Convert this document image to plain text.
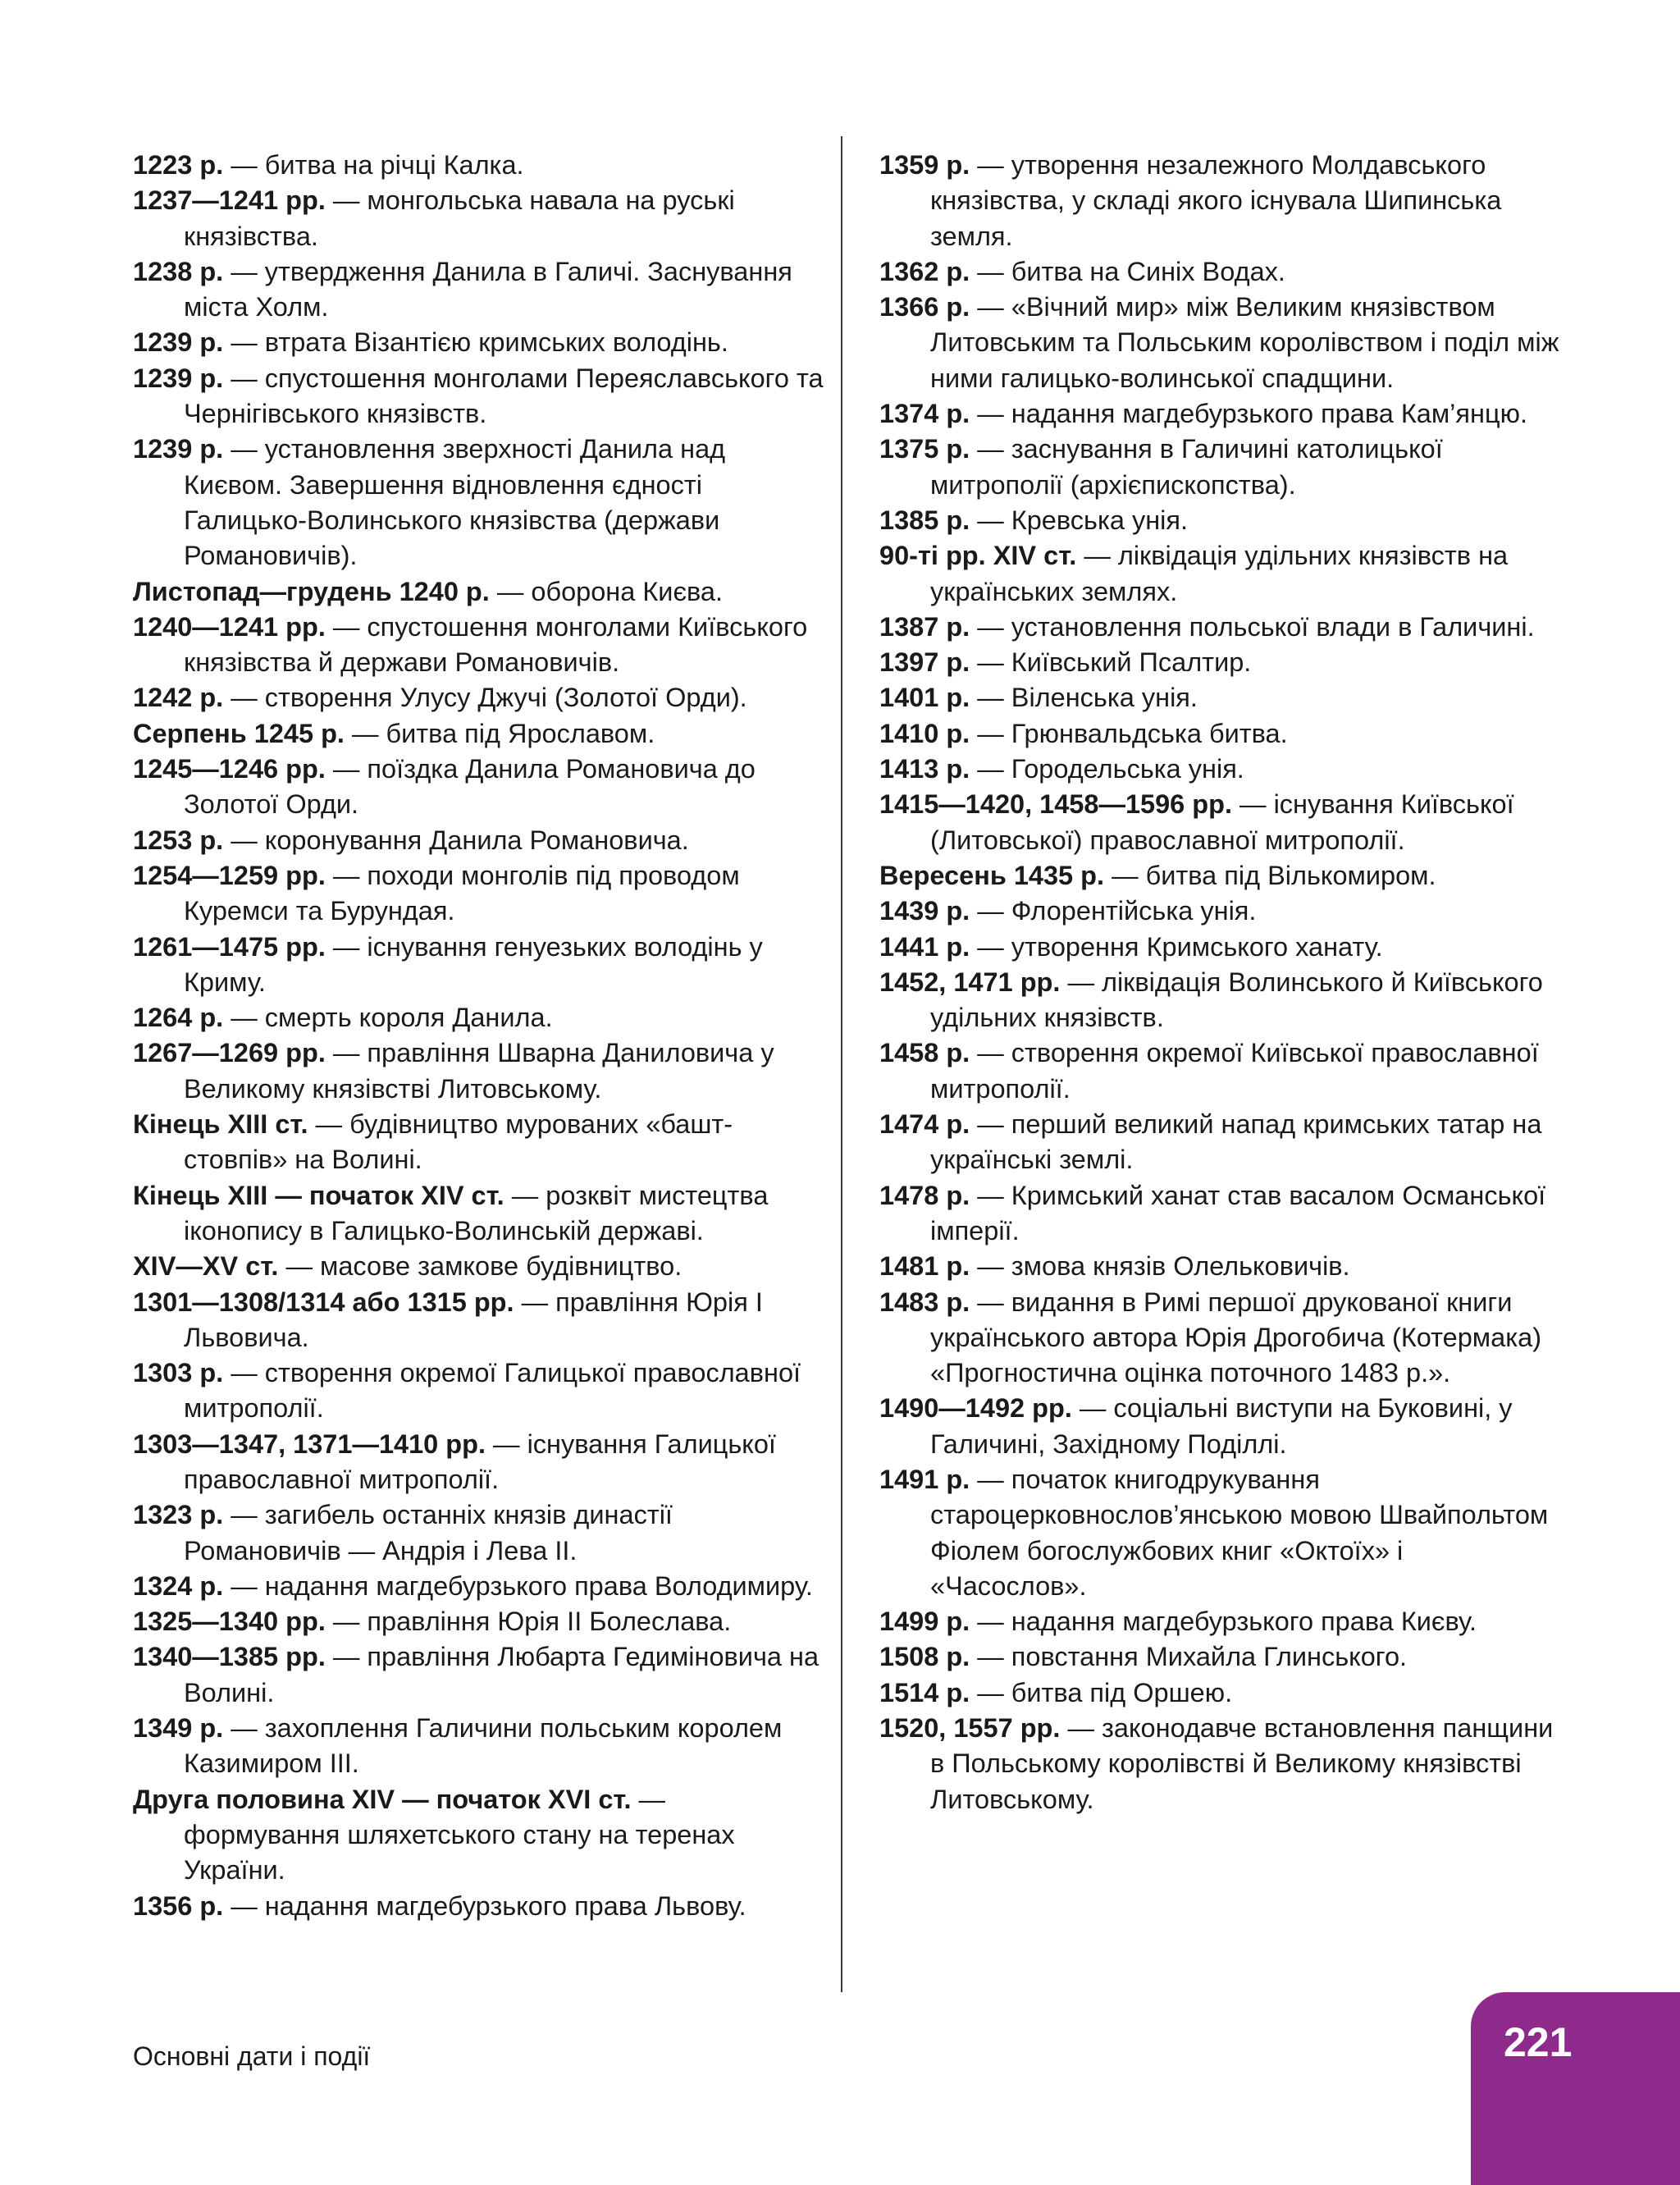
1223 р. — битва на річці Калка.
1237—1241 рр. — монгольська навала на руські князівства.
1238 р. — утвердження Данила в Галичі. Заснування міста Холм.
1239 р. — втрата Візантією кримських володінь.
1239 р. — спустошення монголами Переяславського та Чернігівського князівств.
1239 р. — установлення зверхності Данила над Києвом. Завершення відновлення єдності Галицько-Волинського князівства (держави Романовичів).
Листопад—грудень 1240 р. — оборона Києва.
1240—1241 рр. — спустошення монголами Київського князівства й держави Романовичів.
1242 р. — створення Улусу Джучі (Золотої Орди).
Серпень 1245 р. — битва під Ярославом.
1245—1246 рр. — поїздка Данила Романовича до Золотої Орди.
1253 р. — коронування Данила Романовича.
1254—1259 рр. — походи монголів під проводом Куремси та Бурундая.
1261—1475 рр. — існування генуезьких володінь у Криму.
1264 р. — смерть короля Данила.
1267—1269 рр. — правління Шварна Даниловича у Великому князівстві Литовському.
Кінець XIII ст. — будівництво мурованих «башт-стовпів» на Волині.
Кінець XIII — початок XIV ст. — розквіт мистецтва іконопису в Галицько-Волинській державі.
XIV—XV ст. — масове замкове будівництво.
1301—1308/1314 або 1315 рр. — правління Юрія І Львовича.
1303 р. — створення окремої Галицької православної митрополії.
1303—1347, 1371—1410 рр. — існування Галицької православної митрополії.
1323 р. — загибель останніх князів династії Романовичів — Андрія і Лева II.
1324 р. — надання магдебурзького права Володимиру.
1325—1340 рр. — правління Юрія II Болеслава.
1340—1385 рр. — правління Любарта Гедиміновича на Волині.
1349 р. — захоплення Галичини польським королем Казимиром III.
Друга половина XIV — початок XVI ст. — формування шляхетського стану на теренах України.
1356 р. — надання магдебурзького права Львову.
1359 р. — утворення незалежного Молдавського князівства, у складі якого існувала Шипинська земля.
1362 р. — битва на Синіх Водах.
1366 р. — «Вічний мир» між Великим князівством Литовським та Польським королівством і поділ між ними галицько-волинської спадщини.
1374 р. — надання магдебурзького права Кам’янцю.
1375 р. — заснування в Галичині католицької митрополії (архієпископства).
1385 р. — Кревська унія.
90-ті рр. XIV ст. — ліквідація удільних князівств на українських землях.
1387 р. — установлення польської влади в Галичині.
1397 р. — Київський Псалтир.
1401 р. — Віленська унія.
1410 р. — Грюнвальдська битва.
1413 р. — Городельська унія.
1415—1420, 1458—1596 рр. — існування Київської (Литовської) православної митрополії.
Вересень 1435 р. — битва під Вількомиром.
1439 р. — Флорентійська унія.
1441 р. — утворення Кримського ханату.
1452, 1471 рр. — ліквідація Волинського й Київського удільних князівств.
1458 р. — створення окремої Київської православної митрополії.
1474 р. — перший великий напад кримських татар на українські землі.
1478 р. — Кримський ханат став васалом Османської імперії.
1481 р. — змова князів Олельковичів.
1483 р. — видання в Римі першої друкованої книги українського автора Юрія Дрогобича (Котермака) «Прогностична оцінка поточного 1483 р.».
1490—1492 рр. — соціальні виступи на Буковині, у Галичині, Західному Поділлі.
1491 р. — початок книгодрукування староцерковнослов’янською мовою Швайпольтом Фіолем богослужбових книг «Октоїх» і «Часослов».
1499 р. — надання магдебурзького права Києву.
1508 р. — повстання Михайла Глинського.
1514 р. — битва під Оршею.
1520, 1557 рр. — законодавче встановлення панщини в Польському королівстві й Великому князівстві Литовському.
Основні дати і події	221
